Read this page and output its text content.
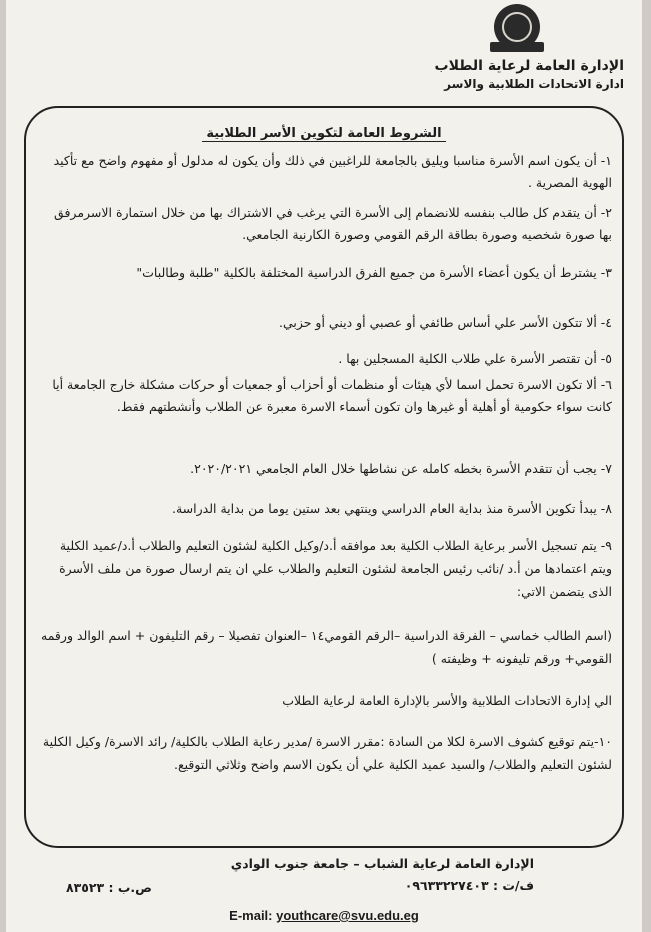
الإدارة العامة لرعاية الطلاب
ادارة الاتحادات الطلابية والاسر
الشروط العامة لتكوين الأسر الطلابية
١- أن يكون اسم الأسرة مناسبا ويليق بالجامعة للراغبين في ذلك وأن يكون له مدلول أو مفهوم واضح مع تأكيد الهوية المصرية .
٢- أن يتقدم كل طالب بنفسه للانضمام إلى الأسرة التي يرغب في الاشتراك بها من خلال استمارة الاسرمرفق بها صورة شخصيه وصورة بطاقة الرقم القومي وصورة الكارنية الجامعي.
٣- يشترط أن يكون أعضاء الأسرة من جميع الفرق الدراسية المختلفة بالكلية "طلبة وطالبات"
٤- ألا تتكون الأسر علي أساس طائفي أو عصبي أو ديني أو حزبي.
٥- أن تقتصر الأسرة علي طلاب الكلية المسجلين بها .
٦- ألا تكون الاسرة تحمل اسما لأي هيئات أو منظمات أو أحزاب أو جمعيات أو حركات مشكلة خارج الجامعة أيا كانت سواء حكومية أو أهلية أو غيرها وان تكون أسماء الاسرة معبرة عن الطلاب وأنشطتهم فقط.
٧- يجب أن تتقدم الأسرة بخطه كامله عن نشاطها خلال العام الجامعي ٢٠٢٠/٢٠٢١.
٨- يبدأ تكوين الأسرة منذ بداية العام الدراسي وينتهي بعد ستين يوما من بداية الدراسة.
٩- يتم تسجيل الأسر برعاية الطلاب الكلية بعد موافقه أ.د/وكيل الكلية لشئون التعليم والطلاب أ.د/عميد الكلية ويتم اعتمادها من أ.د /نائب رئيس الجامعة لشئون التعليم والطلاب علي ان يتم ارسال صورة من ملف الأسرة الذى يتضمن الاتي:
(اسم الطالب خماسي – الفرقة الدراسية –الرقم القومي١٤ –العنوان تفصيلا – رقم التليفون + اسم الوالد ورقمه القومي+ ورقم تليفونه + وظيفته )
الي إدارة الاتحادات الطلابية والأسر بالإدارة العامة لرعاية الطلاب
١٠-يتم توقيع كشوف الاسرة لكلا من السادة :مقرر الاسرة /مدير رعاية الطلاب بالكلية/ رائد الاسرة/ وكيل الكلية لشئون التعليم والطلاب/ والسيد عميد الكلية علي أن يكون الاسم واضح وثلاثي التوقيع.
الإدارة العامة لرعاية الشباب – جامعة جنوب الوادي
ف/ت : ٠٩٦٣٣٢٢٧٤٠٣
ص.ب : ٨٣٥٢٣
E-mail: youthcare@svu.edu.eg
